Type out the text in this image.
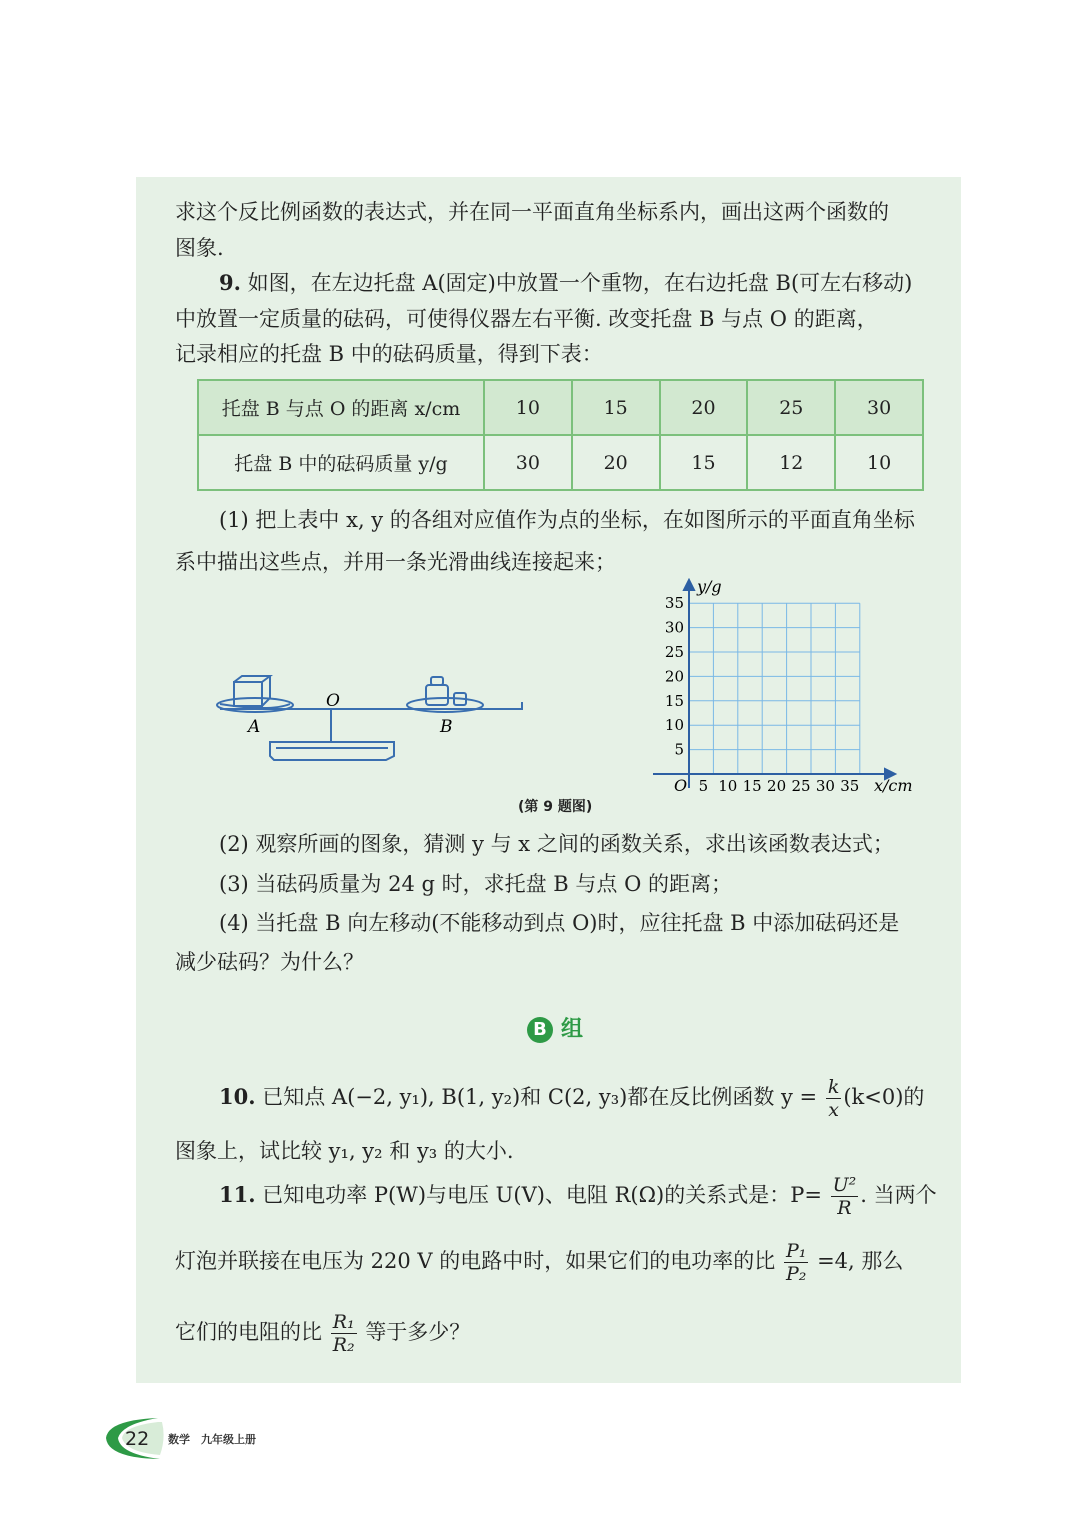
求这个反比例函数的表达式，并在同一平面直角坐标系内，画出这两个函数的
图象.
9. 如图，在左边托盘 A(固定)中放置一个重物，在右边托盘 B(可左右移动)
中放置一定质量的砝码，可使得仪器左右平衡. 改变托盘 B 与点 O 的距离，
记录相应的托盘 B 中的砝码质量，得到下表：
托盘 B 与点 O 的距离 x/cm	10	15	20	25	30
托盘 B 中的砝码质量 y/g	30	20	15	12	10
(1) 把上表中 x, y 的各组对应值作为点的坐标，在如图所示的平面直角坐标
系中描出这些点，并用一条光滑曲线连接起来；
A
O
B
35
30
25
20
15
10
5
5 10 15 20 25 30 35
y/g
O	x/cm
(第 9 题图)
(2) 观察所画的图象，猜测 y 与 x 之间的函数关系，求出该函数表达式；
(3) 当砝码质量为 24 g 时，求托盘 B 与点 O 的距离；
(4) 当托盘 B 向左移动(不能移动到点 O)时，应往托盘 B 中添加砝码还是
减少砝码？为什么？
B 组
10. 已知点 A(−2, y₁), B(1, y₂)和 C(2, y₃)都在反比例函数 $y = \frac{k}{x} (k<0)$的
图象上，试比较 y₁, y₂ 和 y₃ 的大小.
11. 已知电功率 P(W)与电压 U(V)、电阻 R(Ω)的关系式是：$P= \frac{\text{U²}}{R}$ . 当两个
灯泡并联接在电压为 220 V 的电路中时，如果它们的电功率的比 $\frac{\text{P₁}}{\text{P₂}} =4$, 那么
它们的电阻的比 $\frac{\text{R₁}}{\text{R₂}}$ 等于多少？
22 数学　九年级上册
